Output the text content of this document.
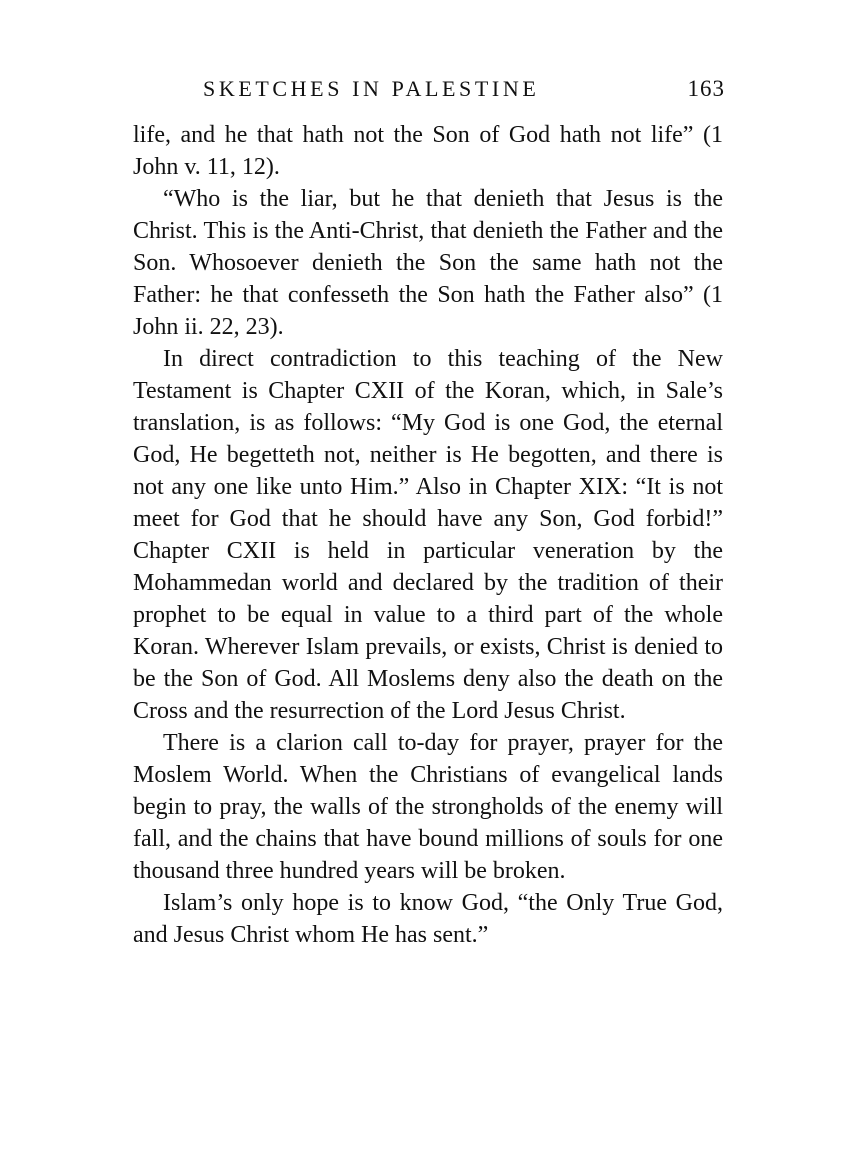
SKETCHES IN PALESTINE	163

life, and he that hath not the Son of God hath not life” (1 John v. 11, 12).

“Who is the liar, but he that denieth that Jesus is the Christ. This is the Anti-Christ, that denieth the Father and the Son. Whosoever denieth the Son the same hath not the Father: he that confesseth the Son hath the Father also” (1 John ii. 22, 23).

In direct contradiction to this teaching of the New Testament is Chapter CXII of the Koran, which, in Sale’s translation, is as follows: “My God is one God, the eternal God, He begetteth not, neither is He begotten, and there is not any one like unto Him.” Also in Chapter XIX: “It is not meet for God that he should have any Son, God forbid!” Chapter CXII is held in particular veneration by the Mohammedan world and declared by the tradition of their prophet to be equal in value to a third part of the whole Koran. Wherever Islam prevails, or exists, Christ is denied to be the Son of God. All Moslems deny also the death on the Cross and the resurrection of the Lord Jesus Christ.

There is a clarion call to-day for prayer, prayer for the Moslem World. When the Christians of evangelical lands begin to pray, the walls of the strongholds of the enemy will fall, and the chains that have bound millions of souls for one thousand three hundred years will be broken.

Islam’s only hope is to know God, “the Only True God, and Jesus Christ whom He has sent.”
